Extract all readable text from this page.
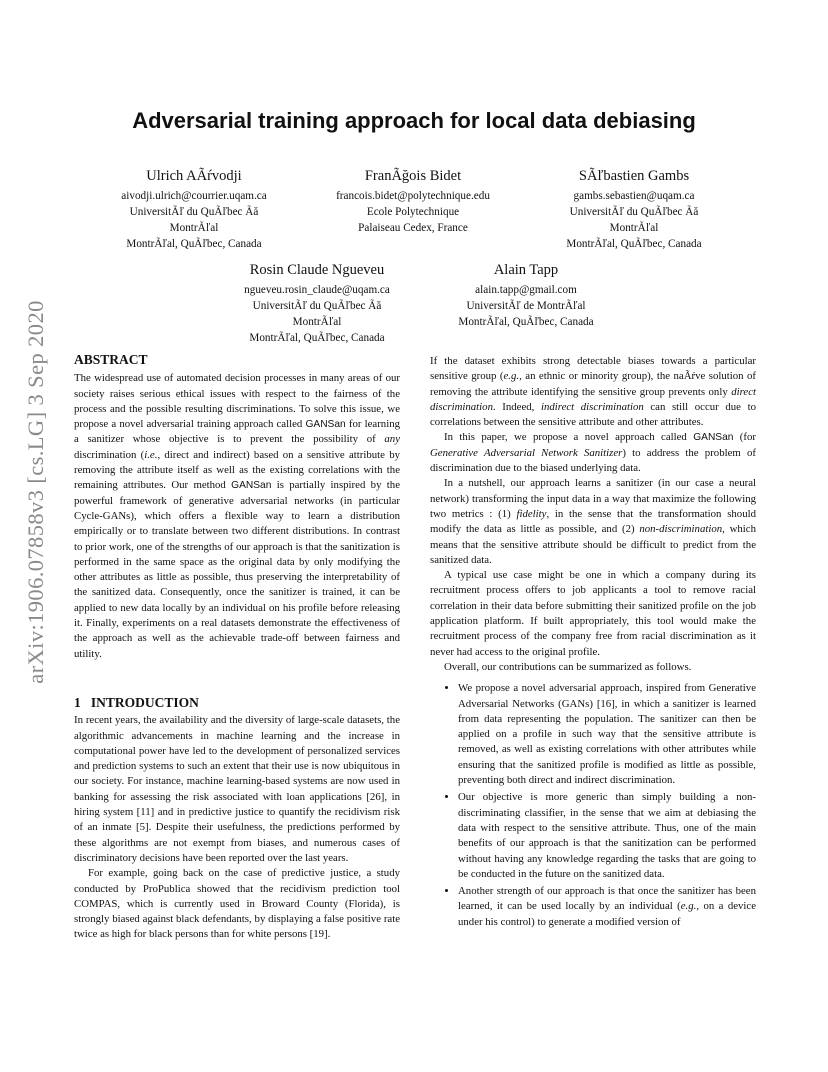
Adversarial training approach for local data debiasing
arXiv:1906.07858v3 [cs.LG] 3 Sep 2020
Ulrich AÃŕvodji
aivodji.ulrich@courrier.uqam.ca
UniversitÃľ du QuÃľbec Ãă
MontrÃľal
MontrÃľal, QuÃľbec, Canada
FranÃğois Bidet
francois.bidet@polytechnique.edu
Ecole Polytechnique
Palaiseau Cedex, France
SÃľbastien Gambs
gambs.sebastien@uqam.ca
UniversitÃľ du QuÃľbec Ãă
MontrÃľal
MontrÃľal, QuÃľbec, Canada
Rosin Claude Ngueveu
ngueveu.rosin_claude@uqam.ca
UniversitÃľ du QuÃľbec Ãă
MontrÃľal
MontrÃľal, QuÃľbec, Canada
Alain Tapp
alain.tapp@gmail.com
UniversitÃľ de MontrÃľal
MontrÃľal, QuÃľbec, Canada
ABSTRACT

The widespread use of automated decision processes in many areas of our society raises serious ethical issues with respect to the fairness of the process and the possible resulting discriminations. To solve this issue, we propose a novel adversarial training approach called GANSan for learning a sanitizer whose objective is to prevent the possibility of any discrimination (i.e., direct and indirect) based on a sensitive attribute by removing the attribute itself as well as the existing correlations with the remaining attributes. Our method GANSan is partially inspired by the powerful framework of generative adversarial networks (in particular Cycle-GANs), which offers a flexible way to learn a distribution empirically or to translate between two different distributions. In contrast to prior work, one of the strengths of our approach is that the sanitization is performed in the same space as the original data by only modifying the other attributes as little as possible, thus preserving the interpretability of the sanitized data. Consequently, once the sanitizer is trained, it can be applied to new data locally by an individual on his profile before releasing it. Finally, experiments on a real datasets demonstrate the effectiveness of the approach as well as the achievable trade-off between fairness and utility.

1 INTRODUCTION

In recent years, the availability and the diversity of large-scale datasets, the algorithmic advancements in machine learning and the increase in computational power have led to the development of personalized services and prediction systems to such an extent that their use is now ubiquitous in our society. For instance, machine learning-based systems are now used in banking for assessing the risk associated with loan applications [26], in hiring system [11] and in predictive justice to quantify the recidivism risk of an inmate [5]. Despite their usefulness, the predictions performed by these algorithms are not exempt from biases, and numerous cases of discriminatory decisions have been reported over the last years.

For example, going back on the case of predictive justice, a study conducted by ProPublica showed that the recidivism prediction tool COMPAS, which is currently used in Broward County (Florida), is strongly biased against black defendants, by displaying a false positive rate twice as high for black persons than for white persons [19].

If the dataset exhibits strong detectable biases towards a particular sensitive group (e.g., an ethnic or minority group), the naÃŕve solution of removing the attribute identifying the sensitive group prevents only direct discrimination. Indeed, indirect discrimination can still occur due to correlations between the sensitive attribute and other attributes.

In this paper, we propose a novel approach called GANSan (for Generative Adversarial Network Sanitizer) to address the problem of discrimination due to the biased underlying data.

In a nutshell, our approach learns a sanitizer (in our case a neural network) transforming the input data in a way that maximize the following two metrics : (1) fidelity, in the sense that the transformation should modify the data as little as possible, and (2) non-discrimination, which means that the sensitive attribute should be difficult to predict from the sanitized data.

A typical use case might be one in which a company during its recruitment process offers to job applicants a tool to remove racial correlation in their data before submitting their sanitized profile on the job application platform. If built appropriately, this tool would make the recruitment process of the company free from racial discrimination as it never had access to the original profile.

Overall, our contributions can be summarized as follows.

• We propose a novel adversarial approach, inspired from Generative Adversarial Networks (GANs) [16], in which a sanitizer is learned from data representing the population. The sanitizer can then be applied on a profile in such way that the sensitive attribute is removed, as well as existing correlations with other attributes while ensuring that the sanitized profile is modified as little as possible, preventing both direct and indirect discrimination.
• Our objective is more generic than simply building a non-discriminating classifier, in the sense that we aim at debiasing the data with respect to the sensitive attribute. Thus, one of the main benefits of our approach is that the sanitization can be performed without having any knowledge regarding the tasks that are going to be conducted in the future on the sanitized data.
• Another strength of our approach is that once the sanitizer has been learned, it can be used locally by an individual (e.g., on a device under his control) to generate a modified version of
